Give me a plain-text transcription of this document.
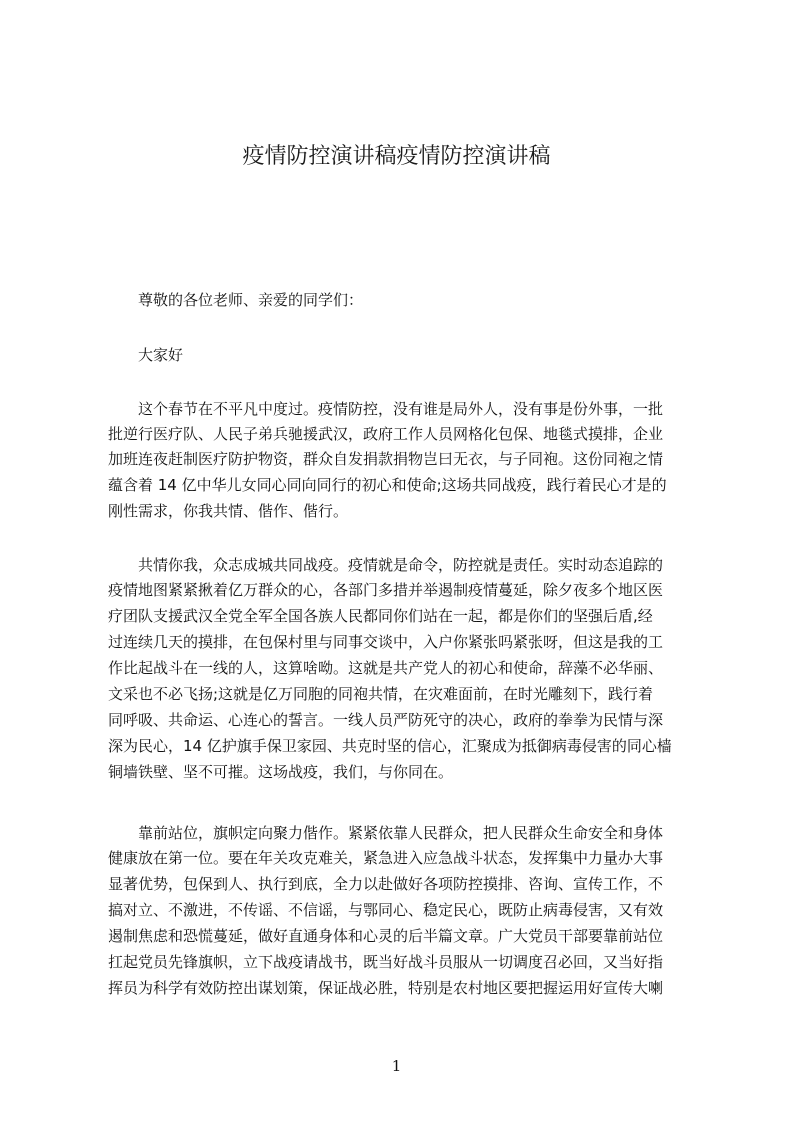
疫情防控演讲稿疫情防控演讲稿
尊敬的各位老师、亲爱的同学们：
大家好
这个春节在不平凡中度过。疫情防控，没有谁是局外人，没有事是份外事，一批
批逆行医疗队、人民子弟兵驰援武汉，政府工作人员网格化包保、地毯式摸排，企业
加班连夜赶制医疗防护物资，群众自发捐款捐物岂曰无衣，与子同袍。这份同袍之情
蕴含着 14 亿中华儿女同心同向同行的初心和使命;这场共同战疫，践行着民心才是的
刚性需求，你我共情、偕作、偕行。
共情你我，众志成城共同战疫。疫情就是命令，防控就是责任。实时动态追踪的
疫情地图紧紧揪着亿万群众的心，各部门多措并举遏制疫情蔓延，除夕夜多个地区医
疗团队支援武汉全党全军全国各族人民都同你们站在一起，都是你们的坚强后盾,经
过连续几天的摸排，在包保村里与同事交谈中，入户你紧张吗紧张呀，但这是我的工
作比起战斗在一线的人，这算啥呦。这就是共产党人的初心和使命，辞藻不必华丽、
文采也不必飞扬;这就是亿万同胞的同袍共情，在灾难面前，在时光雕刻下，践行着
同呼吸、共命运、心连心的誓言。一线人员严防死守的决心，政府的拳拳为民情与深
深为民心，14 亿护旗手保卫家园、共克时坚的信心，汇聚成为抵御病毒侵害的同心樯
铜墙铁壁、坚不可摧。这场战疫，我们，与你同在。
靠前站位，旗帜定向聚力偕作。紧紧依靠人民群众，把人民群众生命安全和身体
健康放在第一位。要在年关攻克难关，紧急进入应急战斗状态，发挥集中力量办大事
显著优势，包保到人、执行到底，全力以赴做好各项防控摸排、咨询、宣传工作，不
搞对立、不激进，不传谣、不信谣，与鄂同心、稳定民心，既防止病毒侵害，又有效
遏制焦虑和恐慌蔓延，做好直通身体和心灵的后半篇文章。广大党员干部要靠前站位
扛起党员先锋旗帜，立下战疫请战书，既当好战斗员服从一切调度召必回，又当好指
挥员为科学有效防控出谋划策，保证战必胜，特别是农村地区要把握运用好宣传大喇
1
